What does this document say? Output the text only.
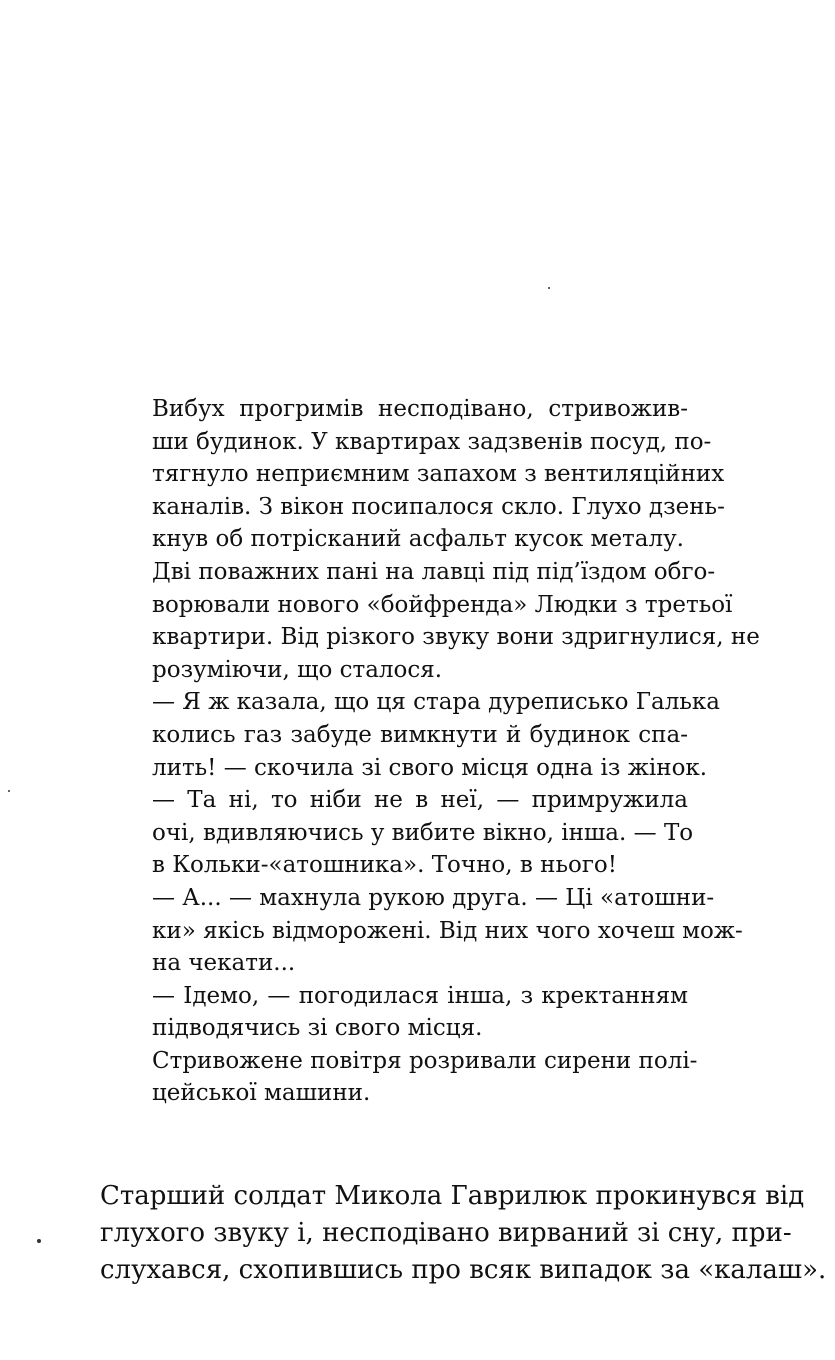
Вибух прогримів несподівано, стривожив-
ши будинок. У квартирах задзвенів посуд, по-
тягнуло неприємним запахом з вентиляційних
каналів. З вікон посипалося скло. Глухо дзень-
кнув об потрісканий асфальт кусок металу.

Дві поважних пані на лавці під під’їздом обго-
ворювали нового «бойфренда» Людки з третьої
квартири. Від різкого звуку вони здригнулися, не
розуміючи, що сталося.

— Я ж казала, що ця стара дуреписько Галька
колись газ забуде вимкнути й будинок спа-
лить! — скочила зі свого місця одна із жінок.

— Та ні, то ніби не в неї, — примружила
очі, вдивляючись у вибите вікно, інша. — То
в Кольки-«атошника». Точно, в нього!

— А... — махнула рукою друга. — Ці «атошни-
ки» якісь відморожені. Від них чого хочеш мож-
на чекати...

— Ідемо, — погодилася інша, з кректанням
підводячись зі свого місця.

Стривожене повітря розривали сирени полі-
цейської машини.

Старший солдат Микола Гаврилюк прокинувся від
глухого звуку і, несподівано вирваний зі сну, при-
слухався, схопившись про всяк випадок за «калаш».
